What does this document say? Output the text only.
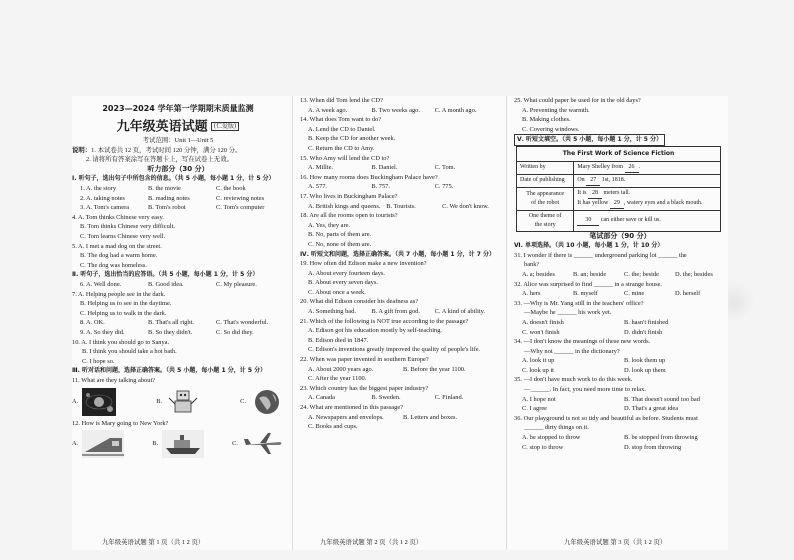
2023—2024 学年第一学期期末质量监测
九年级英语试题 (仁爱版)
考试范围：Unit 1—Unit 5
说明：1. 本试卷共 12 页，考试时间 120 分钟，满分 120 分。
2. 请将所有答案涂写在答题卡上，写在试卷上无效。
听力部分（30 分）
Ⅰ. 听句子，选出句子中所包含的信息。（共 5 小题，每小题 1 分，计 5 分）
1. A. the story	B. the movie	C. the book
2. A. taking notes	B. reading notes	C. reviewing notes
3. A. Tom's camera	B. Tom's robot	C. Tom's computer
4. A. Tom thinks Chinese very easy.
B. Tom thinks Chinese very difficult.
C. Tom learns Chinese very well.
5. A. I met a mad dog on the street.
B. The dog had a warm home.
C. The dog was homeless.
Ⅱ. 听句子，选出恰当的应答语。（共 5 小题，每小题 1 分，计 5 分）
6. A. Well done.	B. Good idea.	C. My pleasure.
7. A. Helping people see in the dark.
B. Helping us to see in the daytime.
C. Helping us to walk in the dark.
8. A. OK.	B. That's all right.	C. That's wonderful.
9. A. So they did.	B. So they didn't.	C. So did they.
10. A. I think you should go to Sanya.
B. I think you should take a hot bath.
C. I hope so.
Ⅲ. 听对话和问题，选择正确答案。（共 5 小题，每小题 1 分，计 5 分）
11. What are they talking about?
A.	B.	C.
12. How is Mary going to New York?
A.	B.	C.
九年级英语试题 第 1 页（共 1 2 页）
13. When did Tom lend the CD?
A. A week ago.	B. Two weeks ago.	C. A month ago.
14. What does Tom want to do?
A. Lend the CD to Daniel.
B. Keep the CD for another week.
C. Return the CD to Amy.
15. Who Amy will lend the CD to?
A. Millie.	B. Daniel.	C. Tom.
16. How many rooms does Buckingham Palace have?
A. 577.	B. 757.	C. 775.
17. Who lives in Buckingham Palace?
A. British kings and queens. B. Tourists.	C. We don't know.
18. Are all the rooms open to tourists?
A. Yes, they are.
B. No, parts of them are.
C. No, none of them are.
Ⅳ. 听短文和问题，选择正确答案。（共 7 小题，每小题 1 分，计 7 分）
19. How often did Edison make a new invention?
A. About every fourteen days.
B. About every seven days.
C. About once a week.
20. What did Edison consider his deafness as?
A. Something bad.	B. A gift from god.	C. A kind of ability.
21. Which of the following is NOT true according to the passage?
A. Edison got his education mostly by self-teaching.
B. Edison died in 1847.
C. Edison's inventions greatly improved the quality of people's life.
22. When was paper invented in southern Europe?
A. About 2000 years ago.	B. Before the year 1100.
C. After the year 1100.
23. Which country has the biggest paper industry?
A. Canada	B. Sweden.	C. Finland.
24. What are mentioned in this passage?
A. Newspapers and envelops.	B. Letters and boxes.
C. Books and cups.
九年级英语试题 第 2 页（共 1 2 页）
25. What could paper be used for in the old days?
A. Preventing the warmth.
B. Making clothes.
C. Covering windows.
Ⅴ. 听短文填空。（共 5 小题，每小题 1 分，计 5 分）
The First Work of Science Fiction	
Written by	Mary Shelley from 26 .
Date of publishing	On 27 1st, 1818.
The appearance
of the robot	It is 28 meters tall.
It has yellow 29 , watery eyes and a black mouth.
One theme of
the story	30 can either save or kill us.
笔试部分（90 分）
Ⅵ. 单项选择。（共 10 小题，每小题 1 分，计 10 分）
31. I wonder if there is ______ underground parking lot ______ the
bank?
A. a; besides	B. an; beside	C. the; beside	D. the; besides
32. Alice was surprised to find ______ in a strange house.
A. hers	B. myself	C. mine	D. herself
33. —Why is Mr. Yang still in the teachers' office?
—Maybe he ______ his work yet.
A. doesn't finish	B. hasn't finished
C. won't finish	D. didn't finish
34. —I don't know the meanings of these new words.
—Why not ______ in the dictionary?
A. look it up	B. look them up
C. look up it	D. look up them
35. —I don't have much work to do this week.
—______. In fact, you need more time to relax.
A. I hope not	B. That doesn't sound too bad
C. I agree	D. That's a great idea
36. Our playground is not so tidy and beautiful as before. Students must
______ dirty things on it.
A. be stopped to throw	B. be stopped from throwing
C. stop to throw	D. stop from throwing
九年级英语试题 第 3 页（共 1 2 页）
